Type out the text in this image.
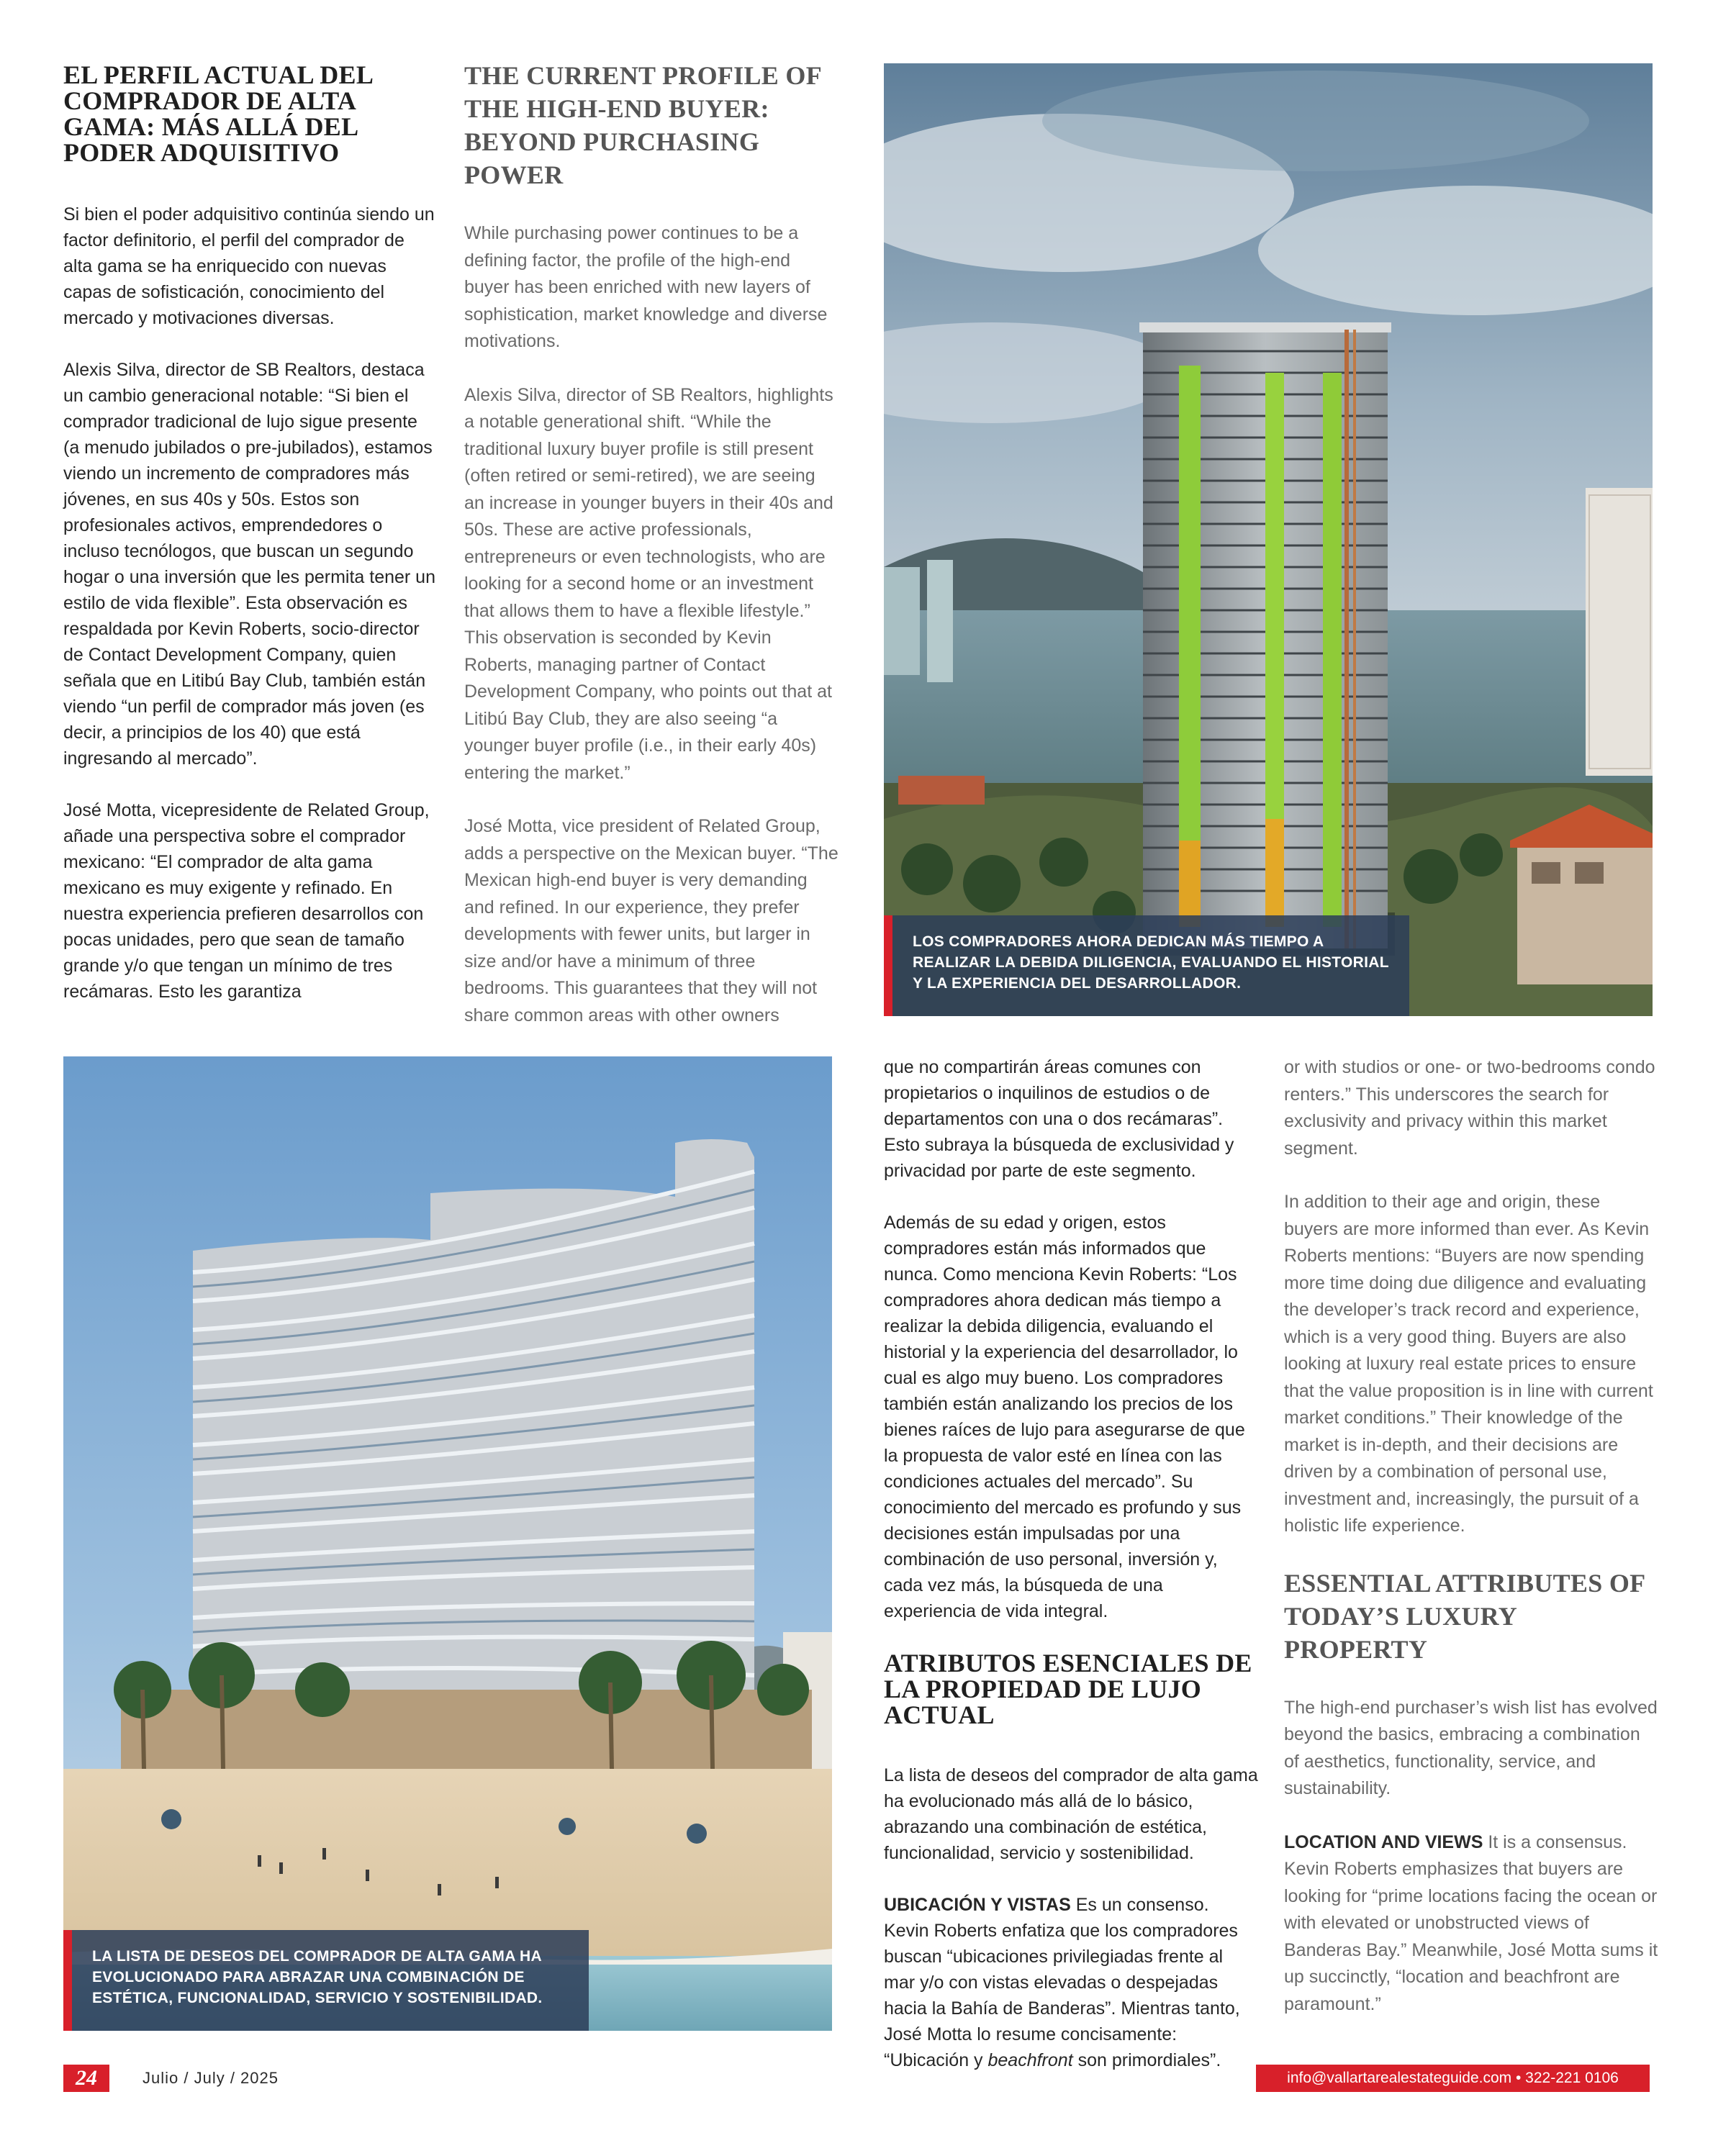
EL PERFIL ACTUAL DEL COMPRADOR DE ALTA GAMA: MÁS ALLÁ DEL PODER ADQUISITIVO

Si bien el poder adquisitivo continúa siendo un factor definitorio, el perfil del comprador de alta gama se ha enriquecido con nuevas capas de sofisticación, conocimiento del mercado y motivaciones diversas.

Alexis Silva, director de SB Realtors, destaca un cambio generacional notable: “Si bien el comprador tradicional de lujo sigue presente (a menudo jubilados o pre-jubilados), estamos viendo un incremento de compradores más jóvenes, en sus 40s y 50s. Estos son profesionales activos, emprendedores o incluso tecnólogos, que buscan un segundo hogar o una inversión que les permita tener un estilo de vida flexible”. Esta observación es respaldada por Kevin Roberts, socio-director de Contact Development Company, quien señala que en Litibú Bay Club, también están viendo “un perfil de comprador más joven (es decir, a principios de los 40) que está ingresando al mercado”.

José Motta, vicepresidente de Related Group, añade una perspectiva sobre el comprador mexicano: “El comprador de alta gama mexicano es muy exigente y refinado. En nuestra experiencia prefieren desarrollos con pocas unidades, pero que sean de tamaño grande y/o que tengan un mínimo de tres recámaras. Esto les garantiza

THE CURRENT PROFILE OF THE HIGH-END BUYER: BEYOND PURCHASING POWER

While purchasing power continues to be a defining factor, the profile of the high-end buyer has been enriched with new layers of sophistication, market knowledge and diverse motivations.

Alexis Silva, director of SB Realtors, highlights a notable generational shift. “While the traditional luxury buyer profile is still present (often retired or semi-retired), we are seeing an increase in younger buyers in their 40s and 50s. These are active professionals, entrepreneurs or even technologists, who are looking for a second home or an investment that allows them to have a flexible lifestyle.” This observation is seconded by Kevin Roberts, managing partner of Contact Development Company, who points out that at Litibú Bay Club, they are also seeing “a younger buyer profile (i.e., in their early 40s) entering the market.”

José Motta, vice president of Related Group, adds a perspective on the Mexican buyer. “The Mexican high-end buyer is very demanding and refined. In our experience, they prefer developments with fewer units, but larger in size and/or have a minimum of three bedrooms. This guarantees that they will not share common areas with other owners

LOS COMPRADORES AHORA DEDICAN MÁS TIEMPO A REALIZAR LA DEBIDA DILIGENCIA, EVALUANDO EL HISTORIAL Y LA EXPERIENCIA DEL DESARROLLADOR.
LA LISTA DE DESEOS DEL COMPRADOR DE ALTA GAMA HA EVOLUCIONADO PARA ABRAZAR UNA COMBINACIÓN DE ESTÉTICA, FUNCIONALIDAD, SERVICIO Y SOSTENIBILIDAD.

que no compartirán áreas comunes con propietarios o inquilinos de estudios o de departamentos con una o dos recámaras”. Esto subraya la búsqueda de exclusividad y privacidad por parte de este segmento.

Además de su edad y origen, estos compradores están más informados que nunca. Como menciona Kevin Roberts: “Los compradores ahora dedican más tiempo a realizar la debida diligencia, evaluando el historial y la experiencia del desarrollador, lo cual es algo muy bueno. Los compradores también están analizando los precios de los bienes raíces de lujo para asegurarse de que la propuesta de valor esté en línea con las condiciones actuales del mercado”. Su conocimiento del mercado es profundo y sus decisiones están impulsadas por una combinación de uso personal, inversión y, cada vez más, la búsqueda de una experiencia de vida integral.

ATRIBUTOS ESENCIALES DE LA PROPIEDAD DE LUJO ACTUAL

La lista de deseos del comprador de alta gama ha evolucionado más allá de lo básico, abrazando una combinación de estética, funcionalidad, servicio y sostenibilidad.

UBICACIÓN Y VISTAS Es un consenso. Kevin Roberts enfatiza que los compradores buscan “ubicaciones privilegiadas frente al mar y/o con vistas elevadas o despejadas hacia la Bahía de Banderas”. Mientras tanto, José Motta lo resume concisamente: “Ubicación y beachfront son primordiales”.

or with studios or one- or two-bedrooms condo renters.” This underscores the search for exclusivity and privacy within this market segment.

In addition to their age and origin, these buyers are more informed than ever. As Kevin Roberts mentions: “Buyers are now spending more time doing due diligence and evaluating the developer’s track record and experience, which is a very good thing. Buyers are also looking at luxury real estate prices to ensure that the value proposition is in line with current market conditions.” Their knowledge of the market is in-depth, and their decisions are driven by a combination of personal use, investment and, increasingly, the pursuit of a holistic life experience.

ESSENTIAL ATTRIBUTES OF TODAY’S LUXURY PROPERTY

The high-end purchaser’s wish list has evolved beyond the basics, embracing a combination of aesthetics, functionality, service, and sustainability.

LOCATION AND VIEWS It is a consensus. Kevin Roberts emphasizes that buyers are looking for “prime locations facing the ocean or with elevated or unobstructed views of Banderas Bay.” Meanwhile, José Motta sums it up succinctly, “location and beachfront are paramount.”

24	Julio / July / 2025	info@vallartarealestateguide.com • 322-221 0106
